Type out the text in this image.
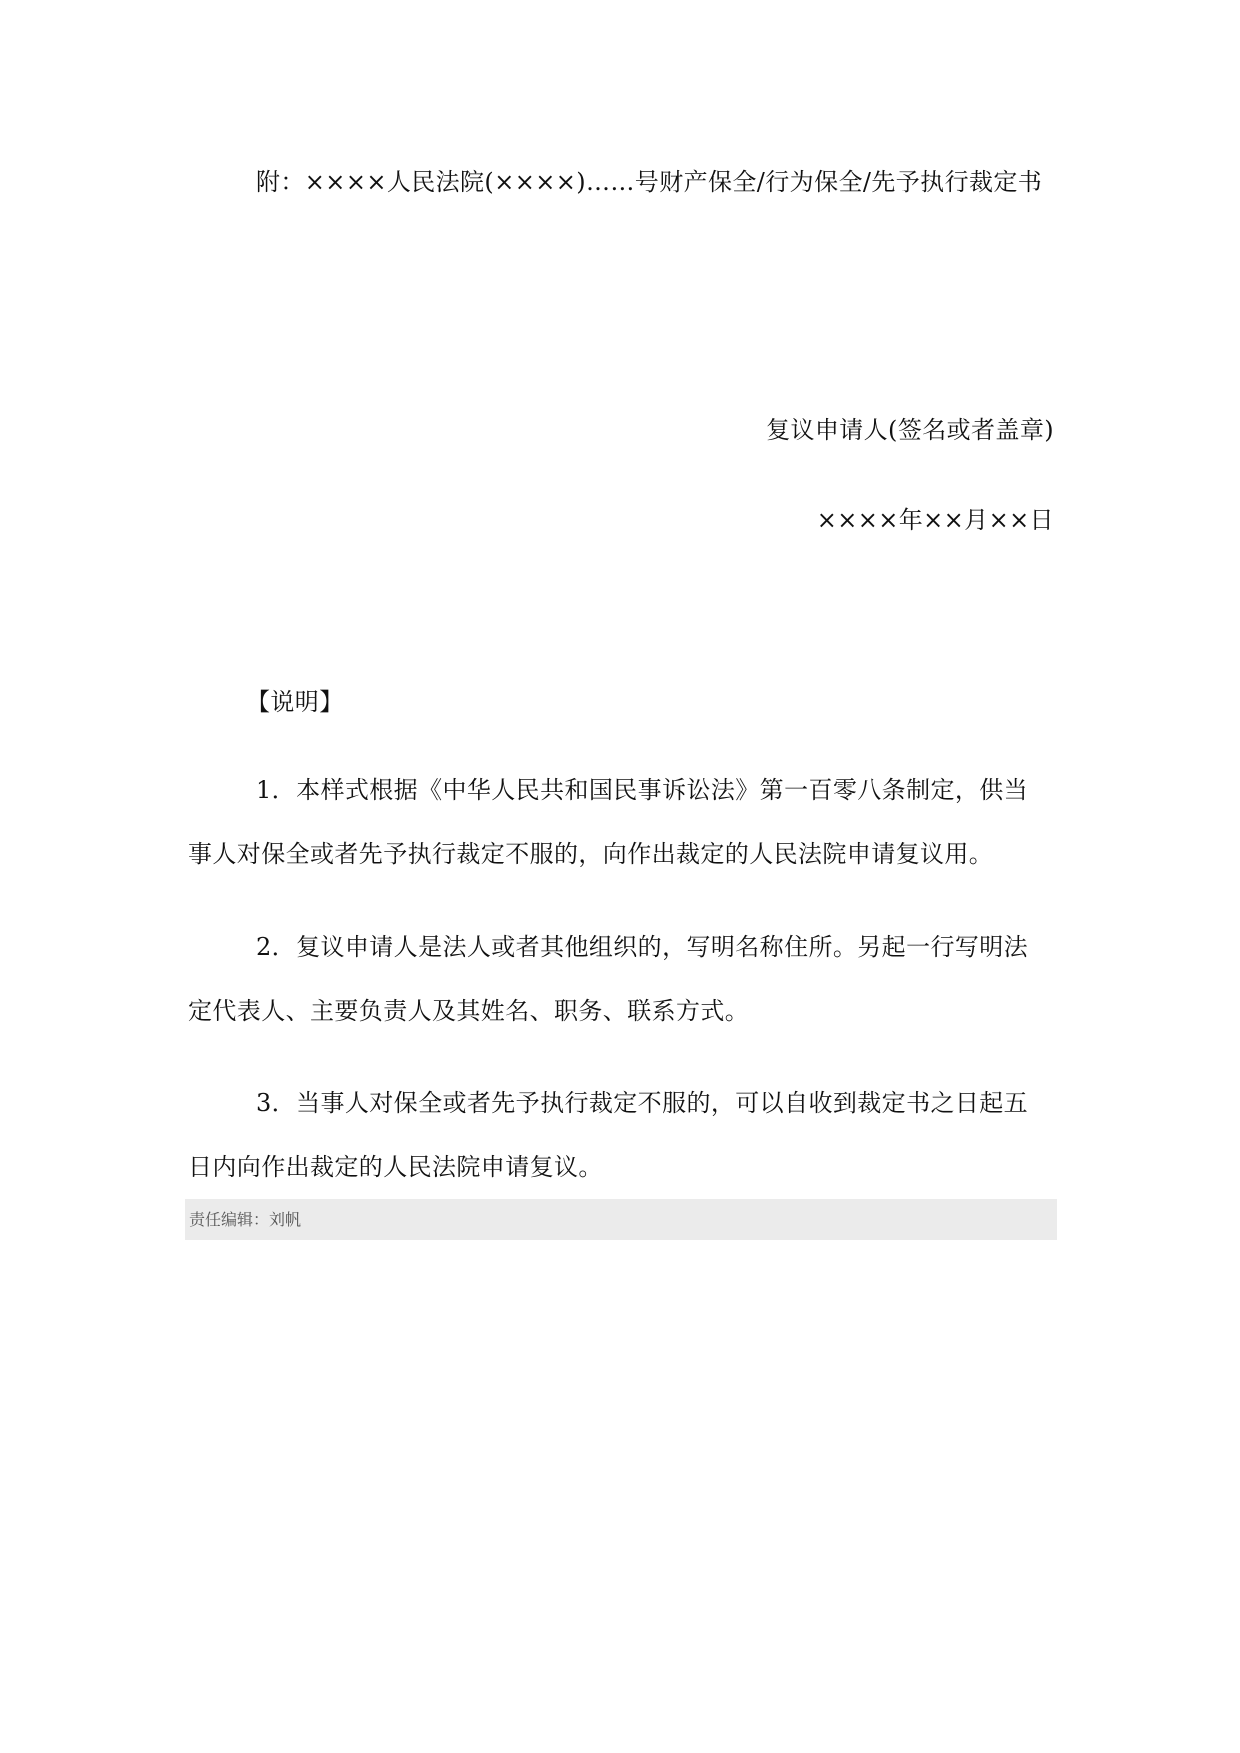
附：××××人民法院(××××)……号财产保全/行为保全/先予执行裁定书

复议申请人(签名或者盖章)
××××年××月××日

【说明】

1．本样式根据《中华人民共和国民事诉讼法》第一百零八条制定，供当事人对保全或者先予执行裁定不服的，向作出裁定的人民法院申请复议用。

2．复议申请人是法人或者其他组织的，写明名称住所。另起一行写明法定代表人、主要负责人及其姓名、职务、联系方式。

3．当事人对保全或者先予执行裁定不服的，可以自收到裁定书之日起五日内向作出裁定的人民法院申请复议。

责任编辑：刘帆
